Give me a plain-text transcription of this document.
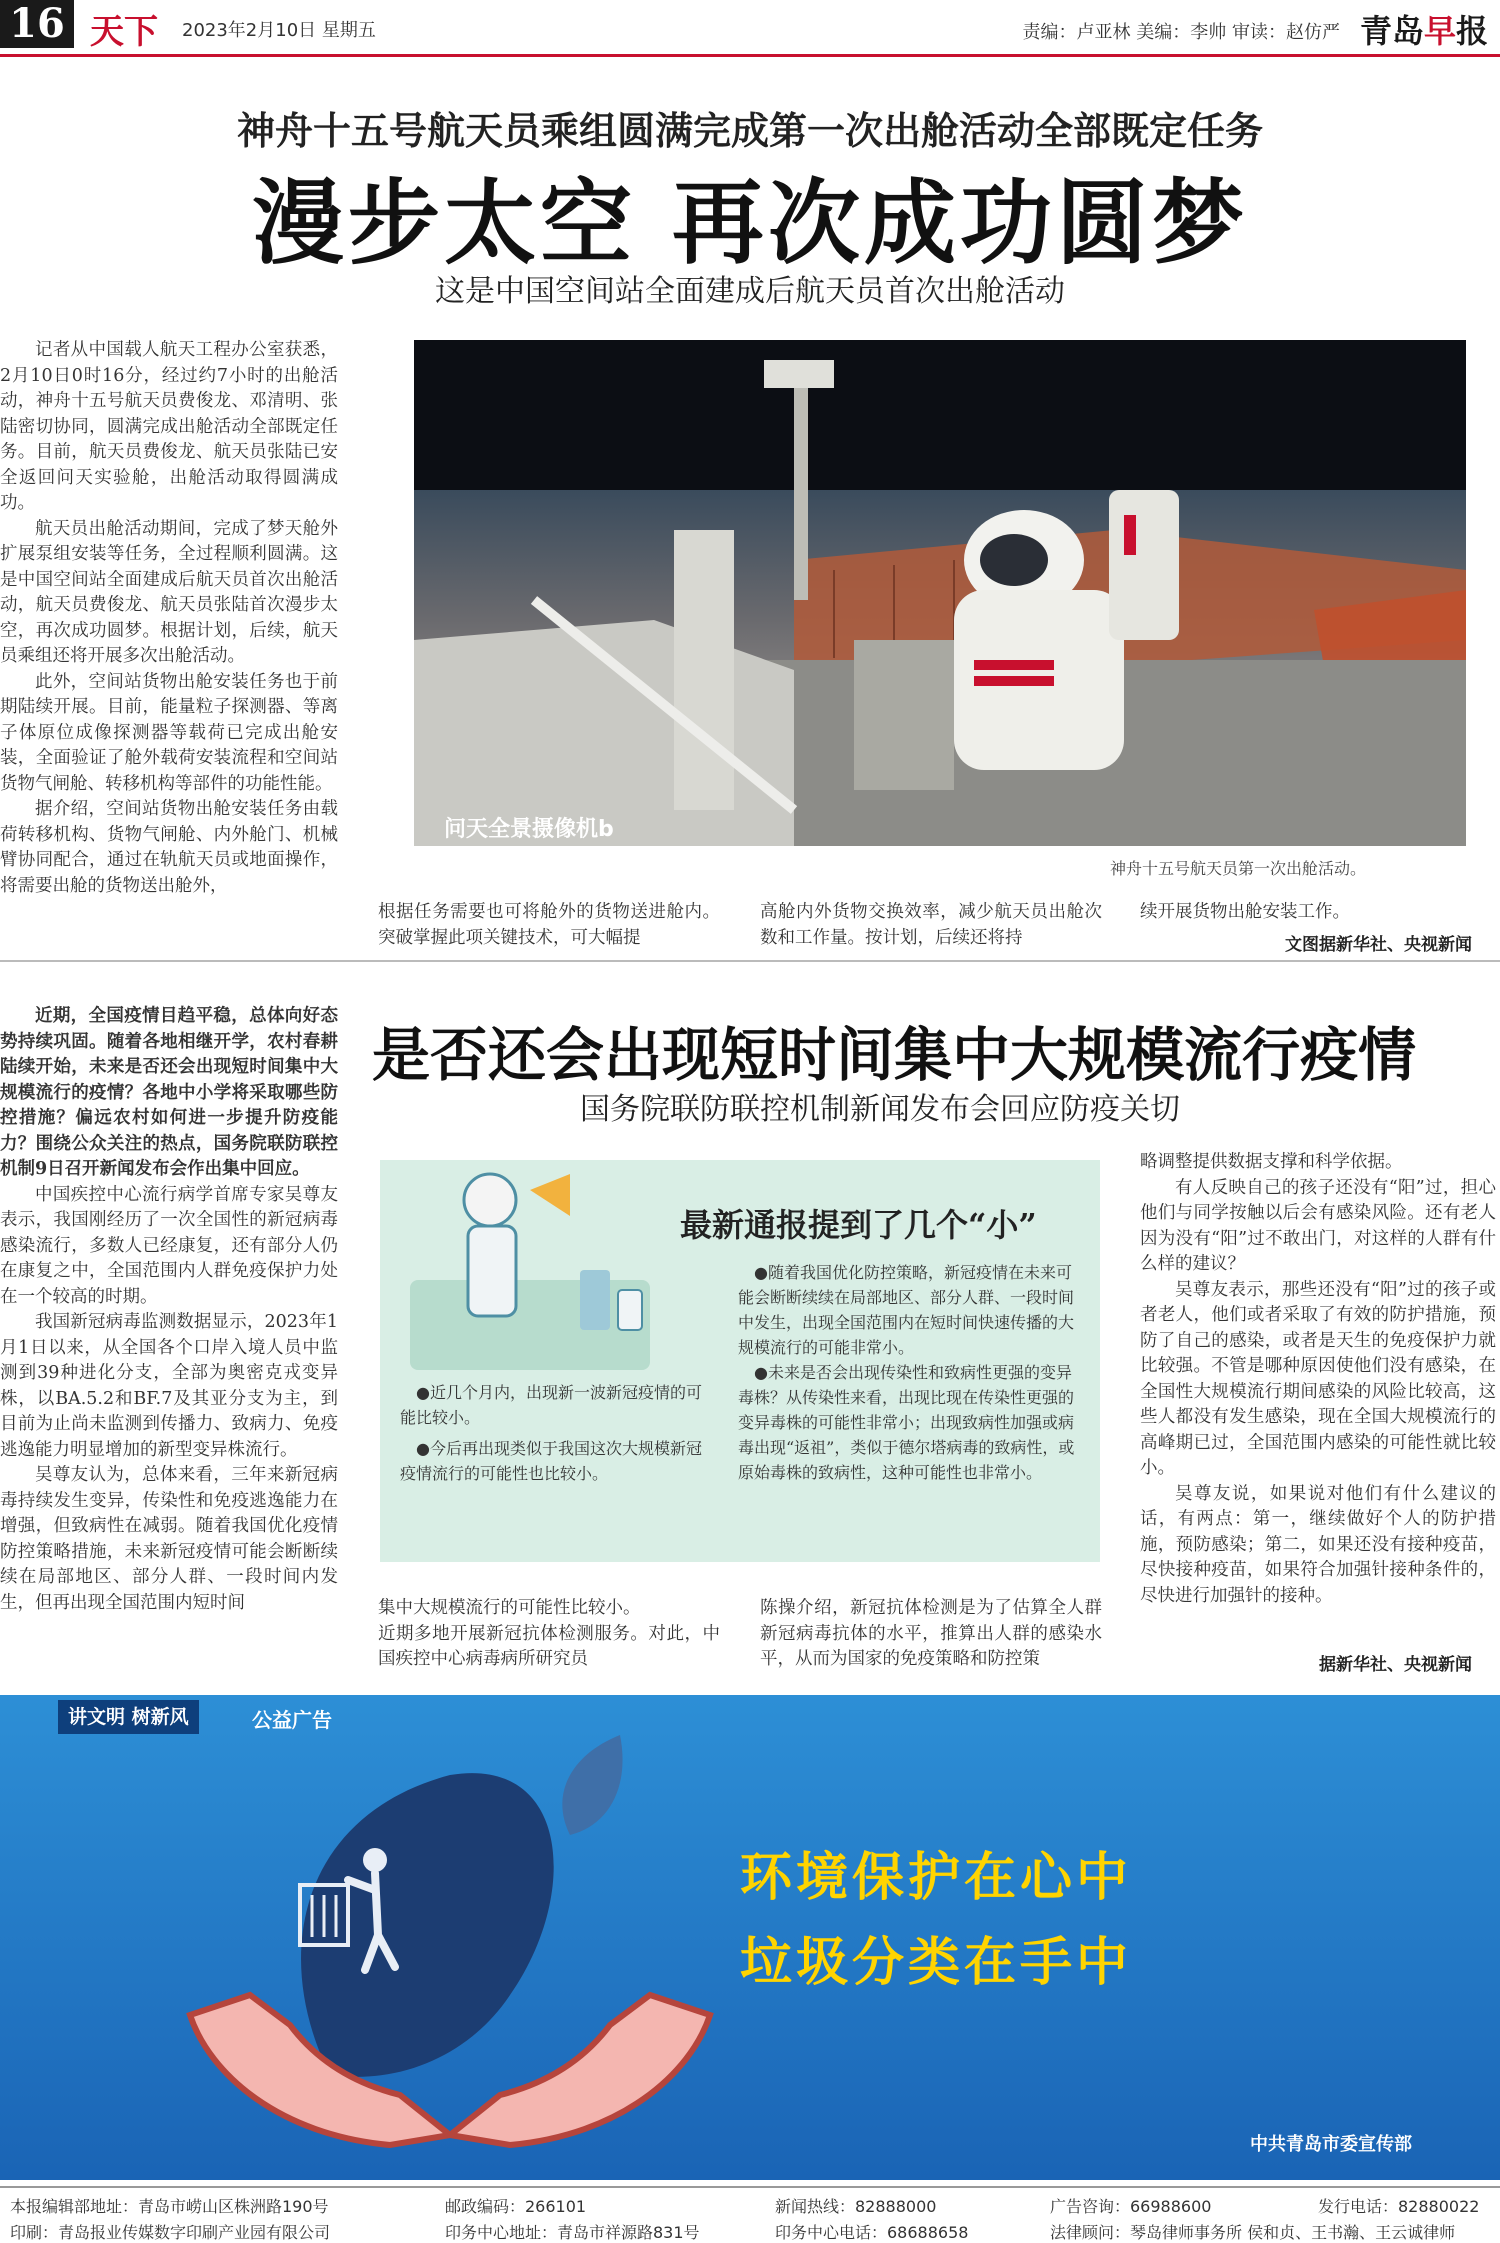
16 天下 2023年2月10日 星期五	责编：卢亚林 美编：李帅 审读：赵仿严 青岛早报
神舟十五号航天员乘组圆满完成第一次出舱活动全部既定任务
漫步太空 再次成功圆梦
这是中国空间站全面建成后航天员首次出舱活动

记者从中国载人航天工程办公室获悉，2月10日0时16分，经过约7小时的出舱活动，神舟十五号航天员费俊龙、邓清明、张陆密切协同，圆满完成出舱活动全部既定任务。目前，航天员费俊龙、航天员张陆已安全返回问天实验舱，出舱活动取得圆满成功。

航天员出舱活动期间，完成了梦天舱外扩展泵组安装等任务，全过程顺利圆满。这是中国空间站全面建成后航天员首次出舱活动，航天员费俊龙、航天员张陆首次漫步太空，再次成功圆梦。根据计划，后续，航天员乘组还将开展多次出舱活动。

此外，空间站货物出舱安装任务也于前期陆续开展。目前，能量粒子探测器、等离子体原位成像探测器等载荷已完成出舱安装，全面验证了舱外载荷安装流程和空间站货物气闸舱、转移机构等部件的功能性能。

据介绍，空间站货物出舱安装任务由载荷转移机构、货物气闸舱、内外舱门、机械臂协同配合，通过在轨航天员或地面操作，将需要出舱的货物送出舱外，

问天全景摄像机b
神舟十五号航天员第一次出舱活动。
根据任务需要也可将舱外的货物送进舱内。突破掌握此项关键技术，可大幅提
高舱内外货物交换效率，减少航天员出舱次数和工作量。按计划，后续还将持
续开展货物出舱安装工作。
文图据新华社、央视新闻

近期，全国疫情目趋平稳，总体向好态势持续巩固。随着各地相继开学，农村春耕陆续开始，未来是否还会出现短时间集中大规模流行的疫情？各地中小学将采取哪些防控措施？偏远农村如何进一步提升防疫能力？围绕公众关注的热点，国务院联防联控机制9日召开新闻发布会作出集中回应。

中国疾控中心流行病学首席专家吴尊友表示，我国刚经历了一次全国性的新冠病毒感染流行，多数人已经康复，还有部分人仍在康复之中，全国范围内人群免疫保护力处在一个较高的时期。

我国新冠病毒监测数据显示，2023年1月1日以来，从全国各个口岸入境人员中监测到39种进化分支，全部为奥密克戎变异株，以BA.5.2和BF.7及其亚分支为主，到目前为止尚未监测到传播力、致病力、免疫逃逸能力明显增加的新型变异株流行。

吴尊友认为，总体来看，三年来新冠病毒持续发生变异，传染性和免疫逃逸能力在增强，但致病性在减弱。随着我国优化疫情防控策略措施，未来新冠疫情可能会断断续续在局部地区、部分人群、一段时间内发生，但再出现全国范围内短时间

是否还会出现短时间集中大规模流行疫情
国务院联防联控机制新闻发布会回应防疫关切
最新通报提到了几个“小”

●近几个月内，出现新一波新冠疫情的可能比较小。

●今后再出现类似于我国这次大规模新冠疫情流行的可能性也比较小。

●随着我国优化防控策略，新冠疫情在未来可能会断断续续在局部地区、部分人群、一段时间中发生，出现全国范围内在短时间快速传播的大规模流行的可能非常小。

●未来是否会出现传染性和致病性更强的变异毒株？从传染性来看，出现比现在传染性更强的变异毒株的可能性非常小；出现致病性加强或病毒出现“返祖”，类似于德尔塔病毒的致病性，或原始毒株的致病性，这种可能性也非常小。

集中大规模流行的可能性比较小。
近期多地开展新冠抗体检测服务。对此，中国疾控中心病毒病所研究员
陈操介绍，新冠抗体检测是为了估算全人群新冠病毒抗体的水平，推算出人群的感染水平，从而为国家的免疫策略和防控策

略调整提供数据支撑和科学依据。

有人反映自己的孩子还没有“阳”过，担心他们与同学按触以后会有感染风险。还有老人因为没有“阳”过不敢出门，对这样的人群有什么样的建议？

吴尊友表示，那些还没有“阳”过的孩子或者老人，他们或者采取了有效的防护措施，预防了自己的感染，或者是天生的免疫保护力就比较强。不管是哪种原因使他们没有感染，在全国性大规模流行期间感染的风险比较高，这些人都没有发生感染，现在全国大规模流行的高峰期已过，全国范围内感染的可能性就比较小。

吴尊友说，如果说对他们有什么建议的话，有两点：第一，继续做好个人的防护措施，预防感染；第二，如果还没有接种疫苗，尽快接种疫苗，如果符合加强针接种条件的，尽快进行加强针的接种。

据新华社、央视新闻
讲文明 树新风	公益广告
环境保护在心中
垃圾分类在手中
中共青岛市委宣传部
本报编辑部地址：青岛市崂山区株洲路190号	邮政编码：266101	新闻热线：82888000	广告咨询：66988600	发行电话：82880022
印刷：青岛报业传媒数字印刷产业园有限公司	印务中心地址：青岛市祥源路831号	印务中心电话：68688658	法律顾问：琴岛律师事务所 侯和贞、王书瀚、王云诚律师
